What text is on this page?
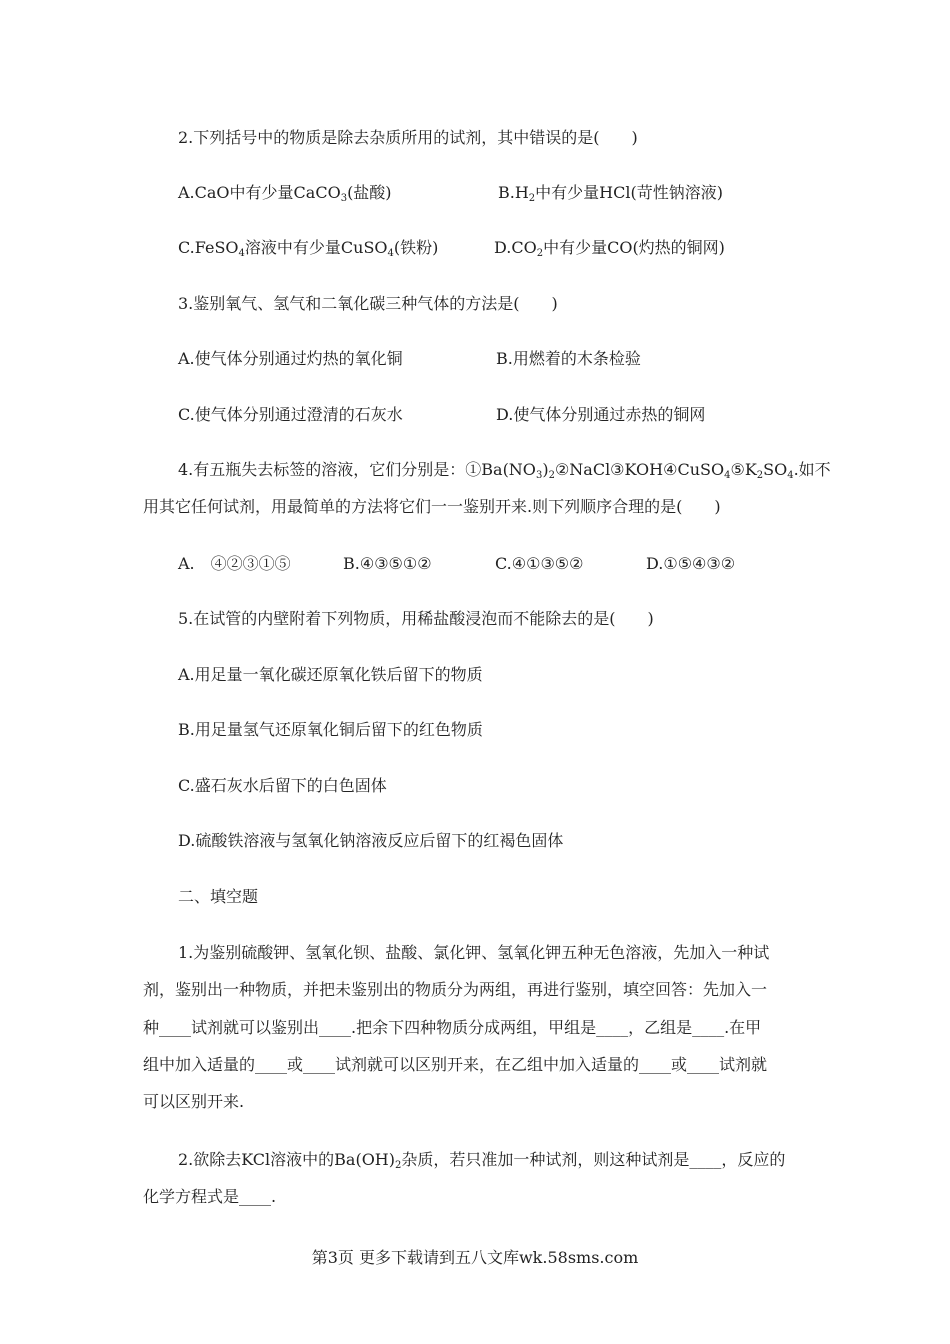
2.下列括号中的物质是除去杂质所用的试剂，其中错误的是(　　)
A.CaO中有少量CaCO$_3$(盐酸)	$B.H_2$中有少量HCl(苛性钠溶液)
C.FeSO$_4$溶液中有少量CuSO$_4$(铁粉)	$D.CO_2$中有少量CO(灼热的铜网)
3.鉴别氧气、氢气和二氧化碳三种气体的方法是(　　)
A.使气体分别通过灼热的氧化铜	B.用燃着的木条检验
C.使气体分别通过澄清的石灰水	D.使气体分别通过赤热的铜网
4.有五瓶失去标签的溶液，它们分别是：$①Ba(NO_3)_2②NaCl③KOH④CuSO_4⑤K_2SO_4$.如不
用其它任何试剂，用最简单的方法将它们一一鉴别开来.则下列顺序合理的是(　　)
A.　④②③①⑤	B.④③⑤①②	C.④①③⑤②	D.①⑤④③②
5.在试管的内壁附着下列物质，用稀盐酸浸泡而不能除去的是(　　)
A.用足量一氧化碳还原氧化铁后留下的物质
B.用足量氢气还原氧化铜后留下的红色物质
C.盛石灰水后留下的白色固体
D.硫酸铁溶液与氢氧化钠溶液反应后留下的红褐色固体
二、填空题
1.为鉴别硫酸钾、氢氧化钡、盐酸、氯化钾、氢氧化钾五种无色溶液，先加入一种试
剂，鉴别出一种物质，并把未鉴别出的物质分为两组，再进行鉴别，填空回答：先加入一
种____试剂就可以鉴别出____.把余下四种物质分成两组，甲组是____，乙组是____.在甲
组中加入适量的____或____试剂就可以区别开来，在乙组中加入适量的____或____试剂就
可以区别开来.
2.欲除去KCl溶液中的$Ba(OH)_2$杂质，若只准加一种试剂，则这种试剂是____，反应的
化学方程式是____.
第3页 更多下载请到五八文库wk.58sms.com
